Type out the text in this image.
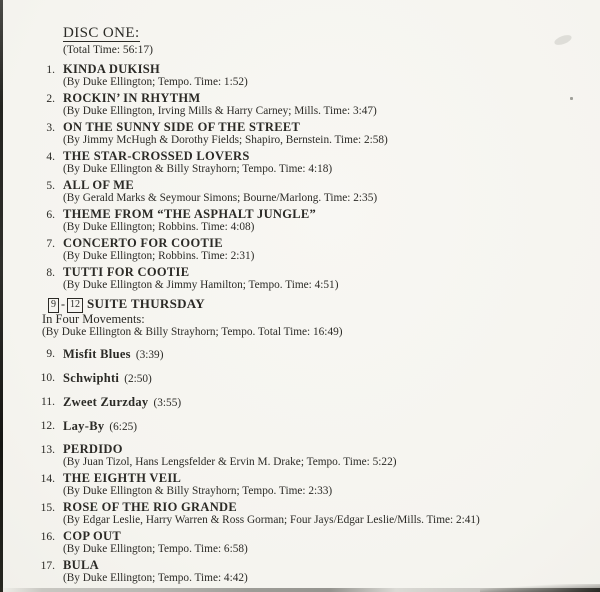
DISC ONE:
(Total Time: 56:17)
1. KINDA DUKISH
(By Duke Ellington; Tempo. Time: 1:52)
2. ROCKIN’ IN RHYTHM
(By Duke Ellington, Irving Mills & Harry Carney; Mills. Time: 3:47)
3. ON THE SUNNY SIDE OF THE STREET
(By Jimmy McHugh & Dorothy Fields; Shapiro, Bernstein. Time: 2:58)
4. THE STAR-CROSSED LOVERS
(By Duke Ellington & Billy Strayhorn; Tempo. Time: 4:18)
5. ALL OF ME
(By Gerald Marks & Seymour Simons; Bourne/Marlong. Time: 2:35)
6. THEME FROM “THE ASPHALT JUNGLE”
(By Duke Ellington; Robbins. Time: 4:08)
7. CONCERTO FOR COOTIE
(By Duke Ellington; Robbins. Time: 2:31)
8. TUTTI FOR COOTIE
(By Duke Ellington & Jimmy Hamilton; Tempo. Time: 4:51)
9 - 12 SUITE THURSDAY
In Four Movements:
(By Duke Ellington & Billy Strayhorn; Tempo. Total Time: 16:49)
9. Misfit Blues (3:39)
10. Schwiphti (2:50)
11. Zweet Zurzday (3:55)
12. Lay-By (6:25)
13. PERDIDO
(By Juan Tizol, Hans Lengsfelder & Ervin M. Drake; Tempo. Time: 5:22)
14. THE EIGHTH VEIL
(By Duke Ellington & Billy Strayhorn; Tempo. Time: 2:33)
15. ROSE OF THE RIO GRANDE
(By Edgar Leslie, Harry Warren & Ross Gorman; Four Jays/Edgar Leslie/Mills. Time: 2:41)
16. COP OUT
(By Duke Ellington; Tempo. Time: 6:58)
17. BULA
(By Duke Ellington; Tempo. Time: 4:42)
